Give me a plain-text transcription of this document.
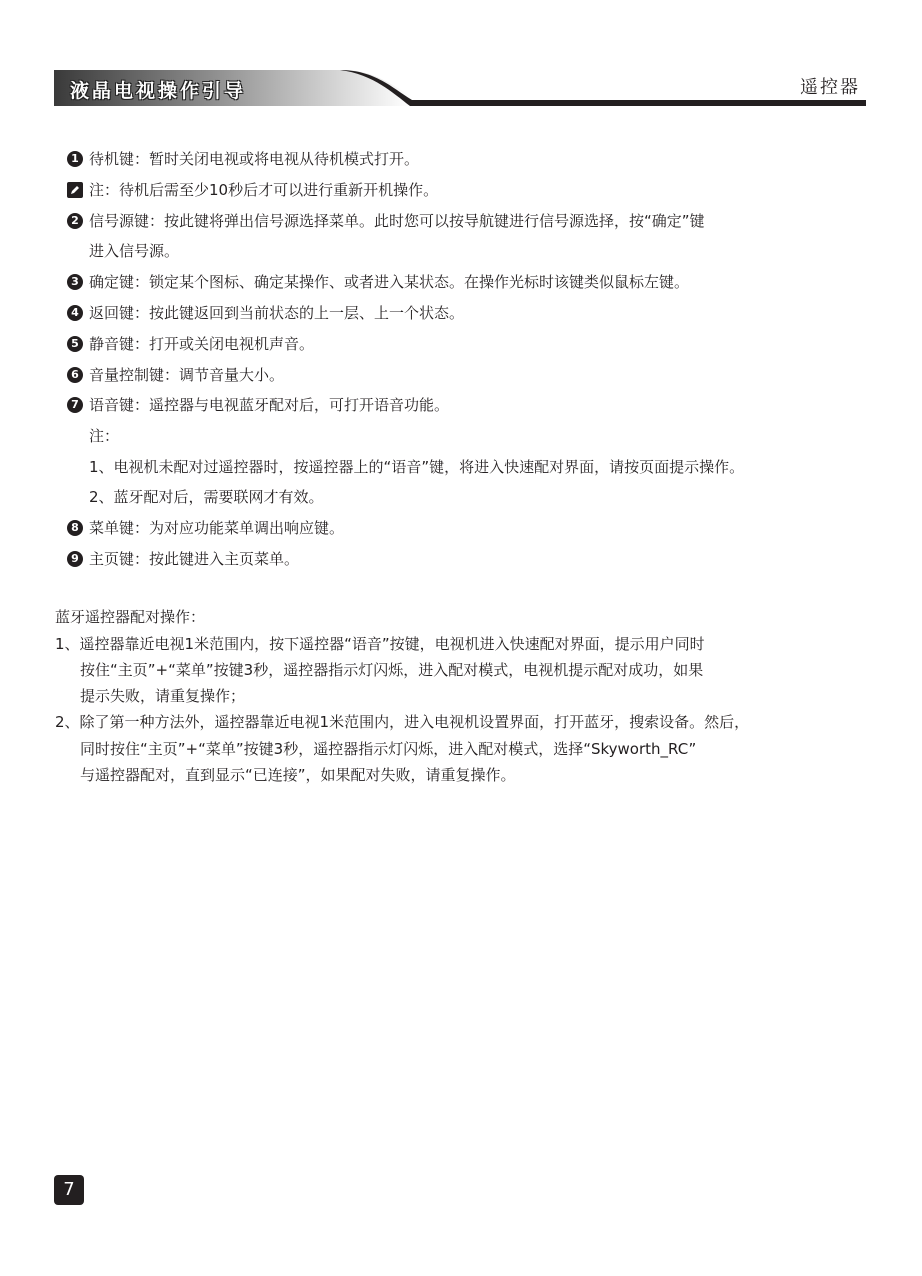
液晶电视操作引导	遥控器
1 待机键：暂时关闭电视或将电视从待机模式打开。
注：待机后需至少10秒后才可以进行重新开机操作。
2 信号源键：按此键将弹出信号源选择菜单。此时您可以按导航键进行信号源选择，按“确定”键
进入信号源。
3 确定键：锁定某个图标、确定某操作、或者进入某状态。在操作光标时该键类似鼠标左键。
4 返回键：按此键返回到当前状态的上一层、上一个状态。
5 静音键：打开或关闭电视机声音。
6 音量控制键：调节音量大小。
7 语音键：遥控器与电视蓝牙配对后，可打开语音功能。
注：
1、电视机未配对过遥控器时，按遥控器上的“语音”键，将进入快速配对界面，请按页面提示操作。
2、蓝牙配对后，需要联网才有效。
8 菜单键：为对应功能菜单调出响应键。
9 主页键：按此键进入主页菜单。
蓝牙遥控器配对操作：
1、遥控器靠近电视1米范围内，按下遥控器“语音”按键，电视机进入快速配对界面，提示用户同时
按住“主页”+“菜单”按键3秒，遥控器指示灯闪烁，进入配对模式，电视机提示配对成功，如果
提示失败，请重复操作；
2、除了第一种方法外，遥控器靠近电视1米范围内，进入电视机设置界面，打开蓝牙，搜索设备。然后，
同时按住“主页”+“菜单”按键3秒，遥控器指示灯闪烁，进入配对模式，选择“Skyworth_RC”
与遥控器配对，直到显示“已连接”，如果配对失败，请重复操作。
7
